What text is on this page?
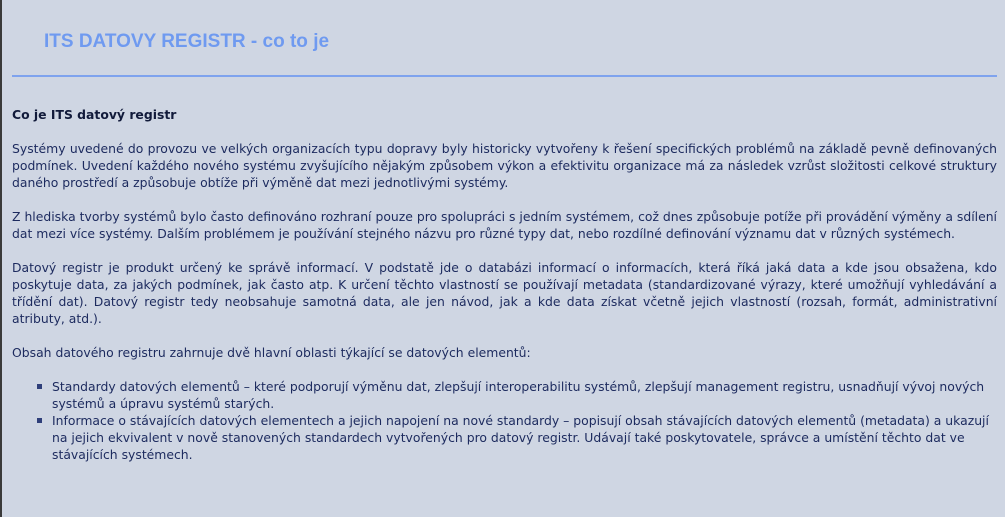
ITS DATOVY REGISTR - co to je
Co je ITS datový registr

Systémy uvedené do provozu ve velkých organizacích typu dopravy byly historicky vytvořeny k řešení specifických problémů na základě pevně definovaných podmínek. Uvedení každého nového systému zvyšujícího nějakým způsobem výkon a efektivitu organizace má za následek vzrůst složitosti celkové struktury daného prostředí a způsobuje obtíže při výměně dat mezi jednotlivými systémy.

Z hlediska tvorby systémů bylo často definováno rozhraní pouze pro spolupráci s jedním systémem, což dnes způsobuje potíže při provádění výměny a sdílení dat mezi více systémy. Dalším problémem je používání stejného názvu pro různé typy dat, nebo rozdílné definování významu dat v různých systémech.

Datový registr je produkt určený ke správě informací. V podstatě jde o databázi informací o informacích, která říká jaká data a kde jsou obsažena, kdo poskytuje data, za jakých podmínek, jak často atp. K určení těchto vlastností se používají metadata (standardizované výrazy, které umožňují vyhledávání a třídění dat). Datový registr tedy neobsahuje samotná data, ale jen návod, jak a kde data získat včetně jejich vlastností (rozsah, formát, administrativní atributy, atd.).

Obsah datového registru zahrnuje dvě hlavní oblasti týkající se datových elementů:

Standardy datových elementů – které podporují výměnu dat, zlepšují interoperabilitu systémů, zlepšují management registru, usnadňují vývoj nových systémů a úpravu systémů starých.
Informace o stávajících datových elementech a jejich napojení na nové standardy – popisují obsah stávajících datových elementů (metadata) a ukazují na jejich ekvivalent v nově stanovených standardech vytvořených pro datový registr. Udávají také poskytovatele, správce a umístění těchto dat ve stávajících systémech.
